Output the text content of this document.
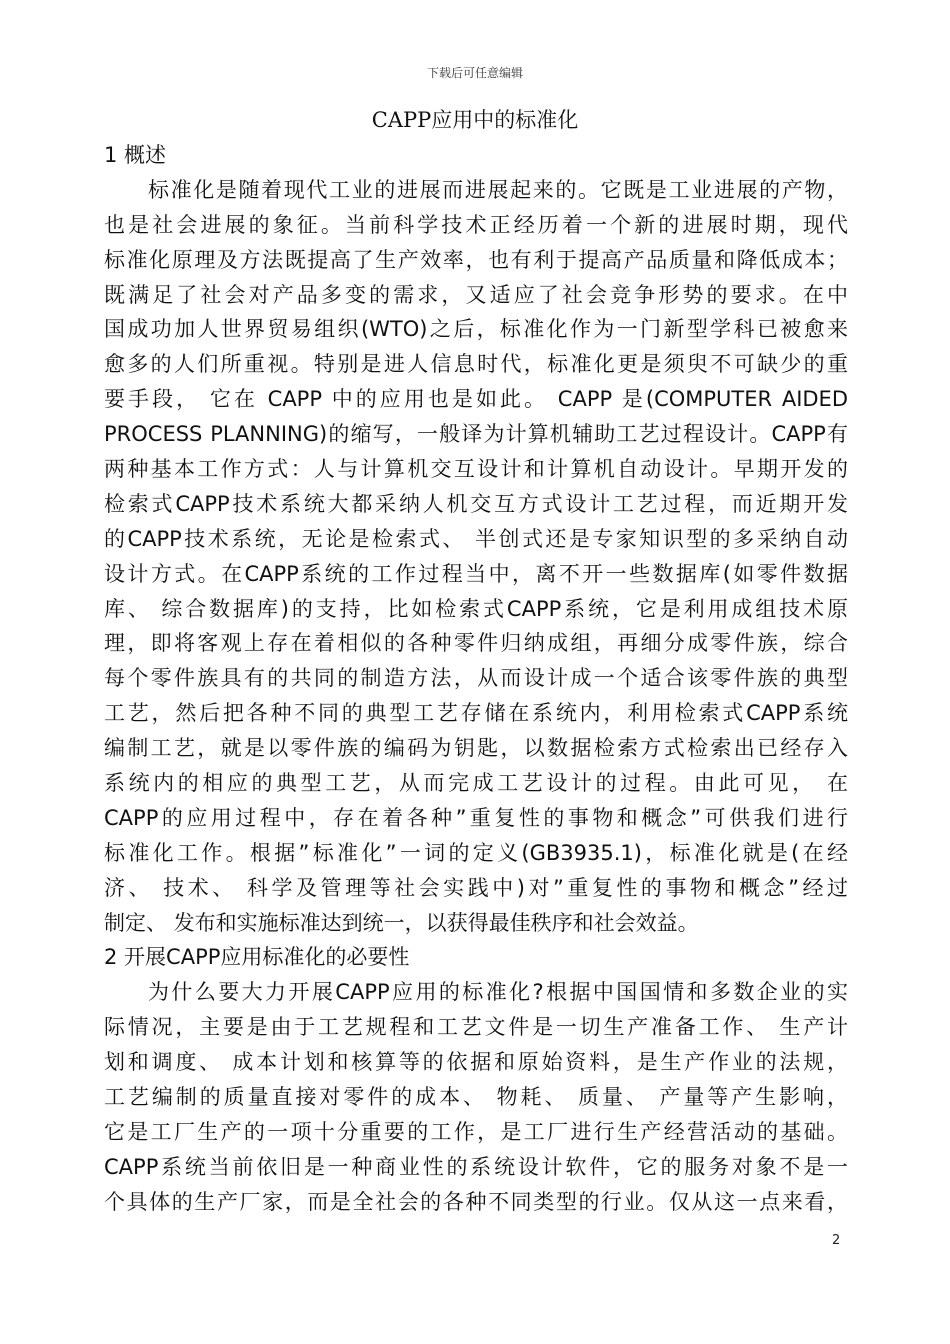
下载后可任意编辑
CAPP应用中的标准化
1 概述
标准化是随着现代工业的进展而进展起来的。它既是工业进展的产物，
也是社会进展的象征。当前科学技术正经历着一个新的进展时期，现代
标准化原理及方法既提高了生产效率，也有利于提高产品质量和降低成本；
既满足了社会对产品多变的需求，又适应了社会竞争形势的要求。在中
国成功加人世界贸易组织(WTO)之后，标准化作为一门新型学科已被愈来
愈多的人们所重视。特别是进人信息时代，标准化更是须臾不可缺少的重
要手段， 它在 CAPP 中的应用也是如此。 CAPP 是(COMPUTER AIDED
PROCESS PLANNING)的缩写，一般译为计算机辅助工艺过程设计。CAPP有
两种基本工作方式：人与计算机交互设计和计算机自动设计。早期开发的
检索式CAPP技术系统大都采纳人机交互方式设计工艺过程，而近期开发
的CAPP技术系统，无论是检索式、 半创式还是专家知识型的多采纳自动
设计方式。在CAPP系统的工作过程当中，离不开一些数据库(如零件数据
库、 综合数据库)的支持，比如检索式CAPP系统，它是利用成组技术原
理，即将客观上存在着相似的各种零件归纳成组，再细分成零件族，综合
每个零件族具有的共同的制造方法，从而设计成一个适合该零件族的典型
工艺，然后把各种不同的典型工艺存储在系统内，利用检索式CAPP系统
编制工艺，就是以零件族的编码为钥匙，以数据检索方式检索出已经存入
系统内的相应的典型工艺，从而完成工艺设计的过程。由此可见， 在
CAPP的应用过程中，存在着各种”重复性的事物和概念”可供我们进行
标准化工作。根据”标准化”一词的定义(GB3935.1)，标准化就是(在经
济、 技术、 科学及管理等社会实践中)对”重复性的事物和概念”经过
制定、 发布和实施标准达到统一，以获得最佳秩序和社会效益。
2 开展CAPP应用标准化的必要性
为什么要大力开展CAPP应用的标准化?根据中国国情和多数企业的实
际情况，主要是由于工艺规程和工艺文件是一切生产准备工作、 生产计
划和调度、 成本计划和核算等的依据和原始资料，是生产作业的法规，
工艺编制的质量直接对零件的成本、 物耗、 质量、 产量等产生影响，
它是工厂生产的一项十分重要的工作，是工厂进行生产经营活动的基础。
CAPP系统当前依旧是一种商业性的系统设计软件，它的服务对象不是一
个具体的生产厂家，而是全社会的各种不同类型的行业。仅从这一点来看，
2
